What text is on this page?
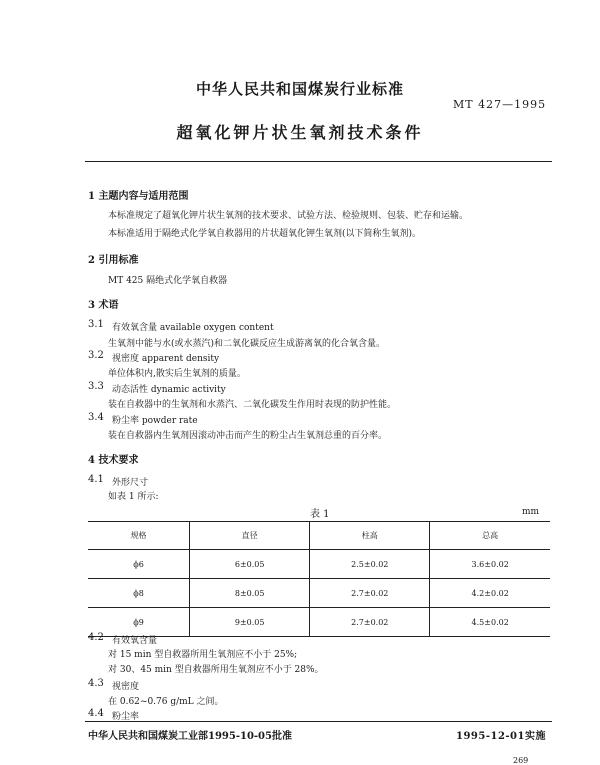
中华人民共和国煤炭行业标准
MT 427—1995
超氧化钾片状生氧剂技术条件
1 主题内容与适用范围
本标准规定了超氧化钾片状生氧剂的技术要求、试验方法、检验规则、包装、贮存和运输。
本标准适用于隔绝式化学氧自救器用的片状超氧化钾生氧剂(以下简称生氧剂)。
2 引用标准
MT 425 隔绝式化学氧自救器
3 术语
3.1 有效氧含量 available oxygen content
生氧剂中能与水(或水蒸汽)和二氧化碳反应生成游离氧的化合氧含量。
3.2 视密度 apparent density
单位体积内,散实后生氧剂的质量。
3.3 动态活性 dynamic activity
装在自救器中的生氧剂和水蒸汽、二氧化碳发生作用时表现的防护性能。
3.4 粉尘率 powder rate
装在自救器内生氧剂因滚动冲击而产生的粉尘占生氧剂总重的百分率。
4 技术要求
4.1 外形尺寸
如表 1 所示:
表 1	mm
规格	直径	柱高	总高
ϕ6	6±0.05	2.5±0.02	3.6±0.02
ϕ8	8±0.05	2.7±0.02	4.2±0.02
ϕ9	9±0.05	2.7±0.02	4.5±0.02
4.2 有效氧含量
对 15 min 型自救器所用生氧剂应不小于 25%;
对 30、45 min 型自救器所用生氧剂应不小于 28%。
4.3 视密度
在 0.62~0.76 g/mL 之间。
4.4 粉尘率
中华人民共和国煤炭工业部1995-10-05批准	1995-12-01实施
269
